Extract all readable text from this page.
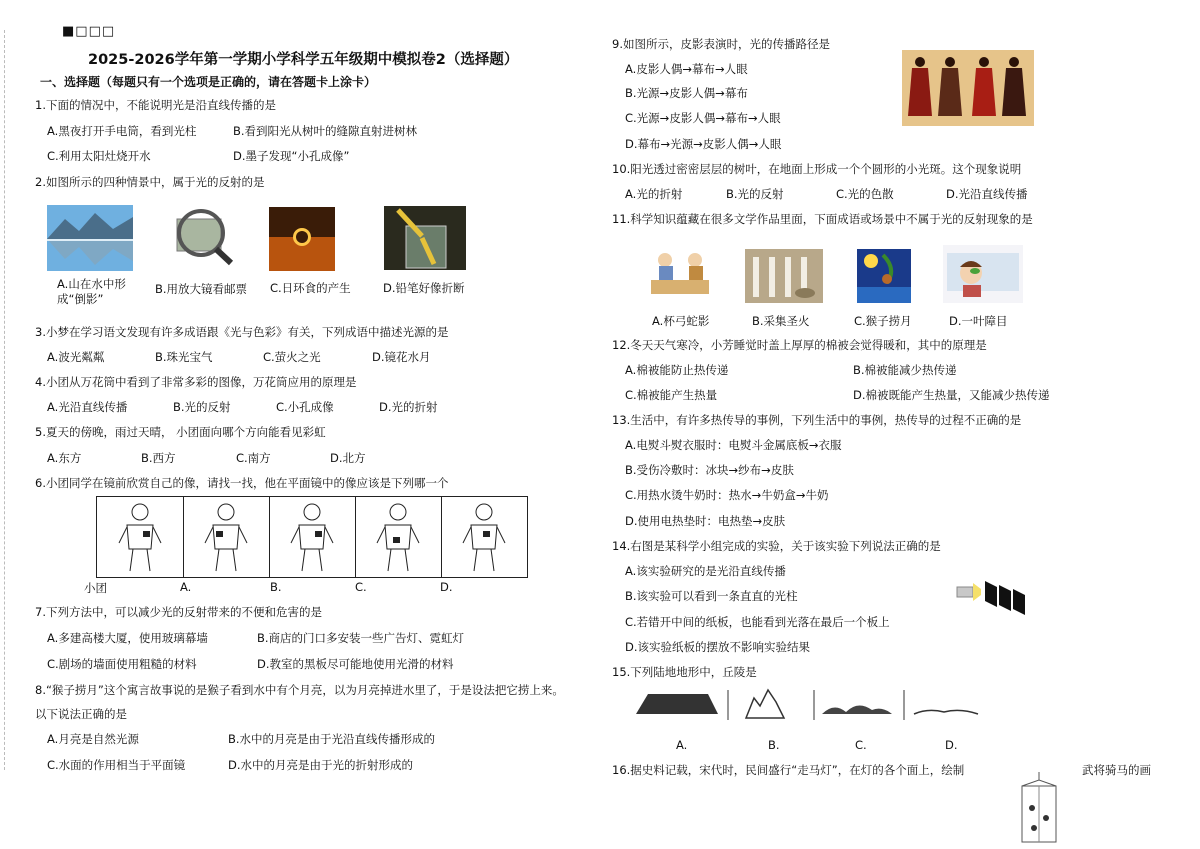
■□□□
2025-2026学年第一学期小学科学五年级期中模拟卷2（选择题）
一、选择题（每题只有一个选项是正确的，请在答题卡上涂卡）
1.下面的情况中，不能说明光是沿直线传播的是
A.黑夜打开手电筒，看到光柱	B.看到阳光从树叶的缝隙直射进树林
C.利用太阳灶烧开水	D.墨子发现“小孔成像”
2.如图所示的四种情景中，属于光的反射的是
A.山在水中形
成“倒影”
B.用放大镜看邮票 C.日环食的产生	D.铅笔好像折断
3.小梦在学习语文发现有许多成语跟《光与色彩》有关，下列成语中描述光源的是
A.波光粼粼	B.珠光宝气	C.萤火之光	D.镜花水月
4.小团从万花筒中看到了非常多彩的图像，万花筒应用的原理是
A.光沿直线传播	B.光的反射	C.小孔成像	D.光的折射
5.夏天的傍晚，雨过天晴， 小团面向哪个方向能看见彩虹
A.东方	B.西方	C.南方	D.北方
6.小团同学在镜前欣赏自己的像，请找一找，他在平面镜中的像应该是下列哪一个
小团	A.	B.	C.	D.
7.下列方法中，可以减少光的反射带来的不便和危害的是
A.多建高楼大厦，使用玻璃幕墙	B.商店的门口多安装一些广告灯、霓虹灯
C.剧场的墙面使用粗糙的材料	D.教室的黑板尽可能地使用光滑的材料
8.“猴子捞月”这个寓言故事说的是猴子看到水中有个月亮，以为月亮掉进水里了，于是设法把它捞上来。
以下说法正确的是
A.月亮是自然光源	B.水中的月亮是由于光沿直线传播形成的
C.水面的作用相当于平面镜	D.水中的月亮是由于光的折射形成的
9.如图所示，皮影表演时，光的传播路径是
A.皮影人偶→幕布→人眼
B.光源→皮影人偶→幕布
C.光源→皮影人偶→幕布→人眼
D.幕布→光源→皮影人偶→人眼
10.阳光透过密密层层的树叶，在地面上形成一个个圆形的小光斑。这个现象说明
A.光的折射	B.光的反射	C.光的色散	D.光沿直线传播
11.科学知识蕴藏在很多文学作品里面，下面成语或场景中不属于光的反射现象的是
A.杯弓蛇影	B.采集圣火	C.猴子捞月	D.一叶障目
12.冬天天气寒冷，小芳睡觉时盖上厚厚的棉被会觉得暖和，其中的原理是
A.棉被能防止热传递	B.棉被能减少热传递
C.棉被能产生热量	D.棉被既能产生热量，又能减少热传递
13.生活中，有许多热传导的事例，下列生活中的事例，热传导的过程不正确的是
A.电熨斗熨衣服时：电熨斗金属底板→衣服
B.受伤冷敷时：冰块→纱布→皮肤
C.用热水烫牛奶时：热水→牛奶盒→牛奶
D.使用电热垫时：电热垫→皮肤
14.右图是某科学小组完成的实验，关于该实验下列说法正确的是
A.该实验研究的是光沿直线传播
B.该实验可以看到一条直直的光柱
C.若错开中间的纸板，也能看到光落在最后一个板上
D.该实验纸板的摆放不影响实验结果
15.下列陆地地形中，丘陵是
A.	B.	C.	D.
16.据史料记载，宋代时，民间盛行“走马灯”，在灯的各个面上，绘制	武将骑马的画
